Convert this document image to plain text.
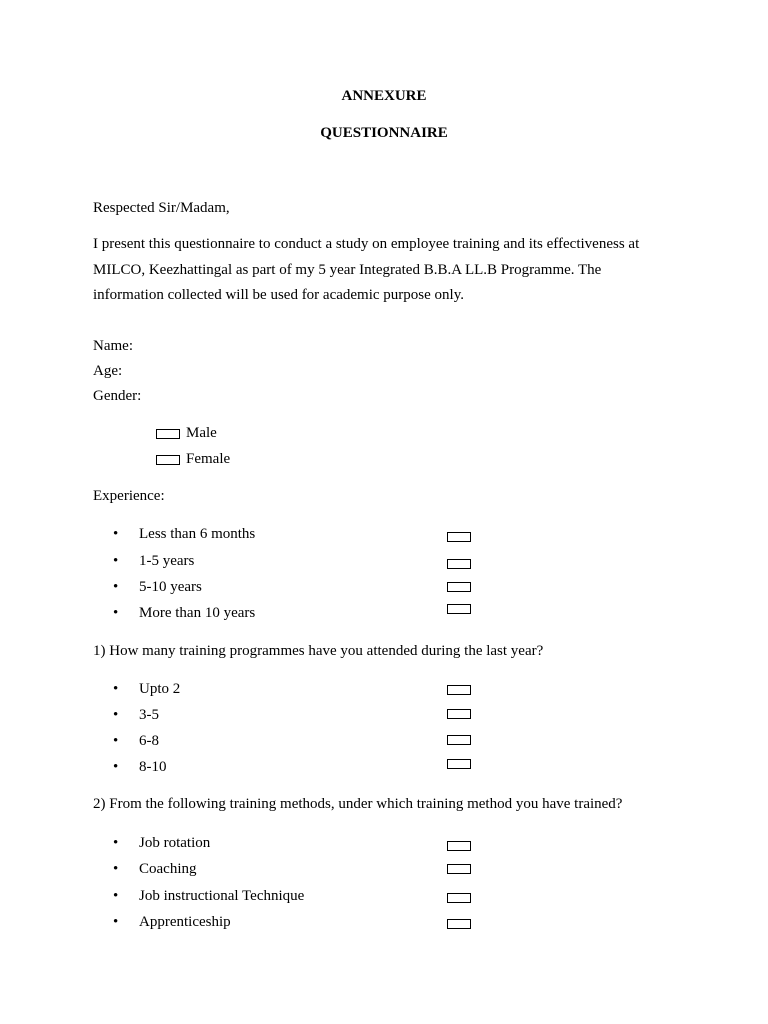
ANNEXURE
QUESTIONNAIRE
Respected Sir/Madam,
I present this questionnaire to conduct a study on employee training and its effectiveness at MILCO, Keezhattingal as part of my 5 year Integrated B.B.A LL.B Programme. The information collected will be used for academic purpose only.
Name:
Age:
Gender:
Male
Female
Experience:
• Less than 6 months
• 1-5 years
• 5-10 years
• More than 10 years
1) How many training programmes have you attended during the last year?
• Upto 2
• 3-5
• 6-8
• 8-10
2) From the following training methods, under which training method you have trained?
• Job rotation
• Coaching
• Job instructional Technique
• Apprenticeship
